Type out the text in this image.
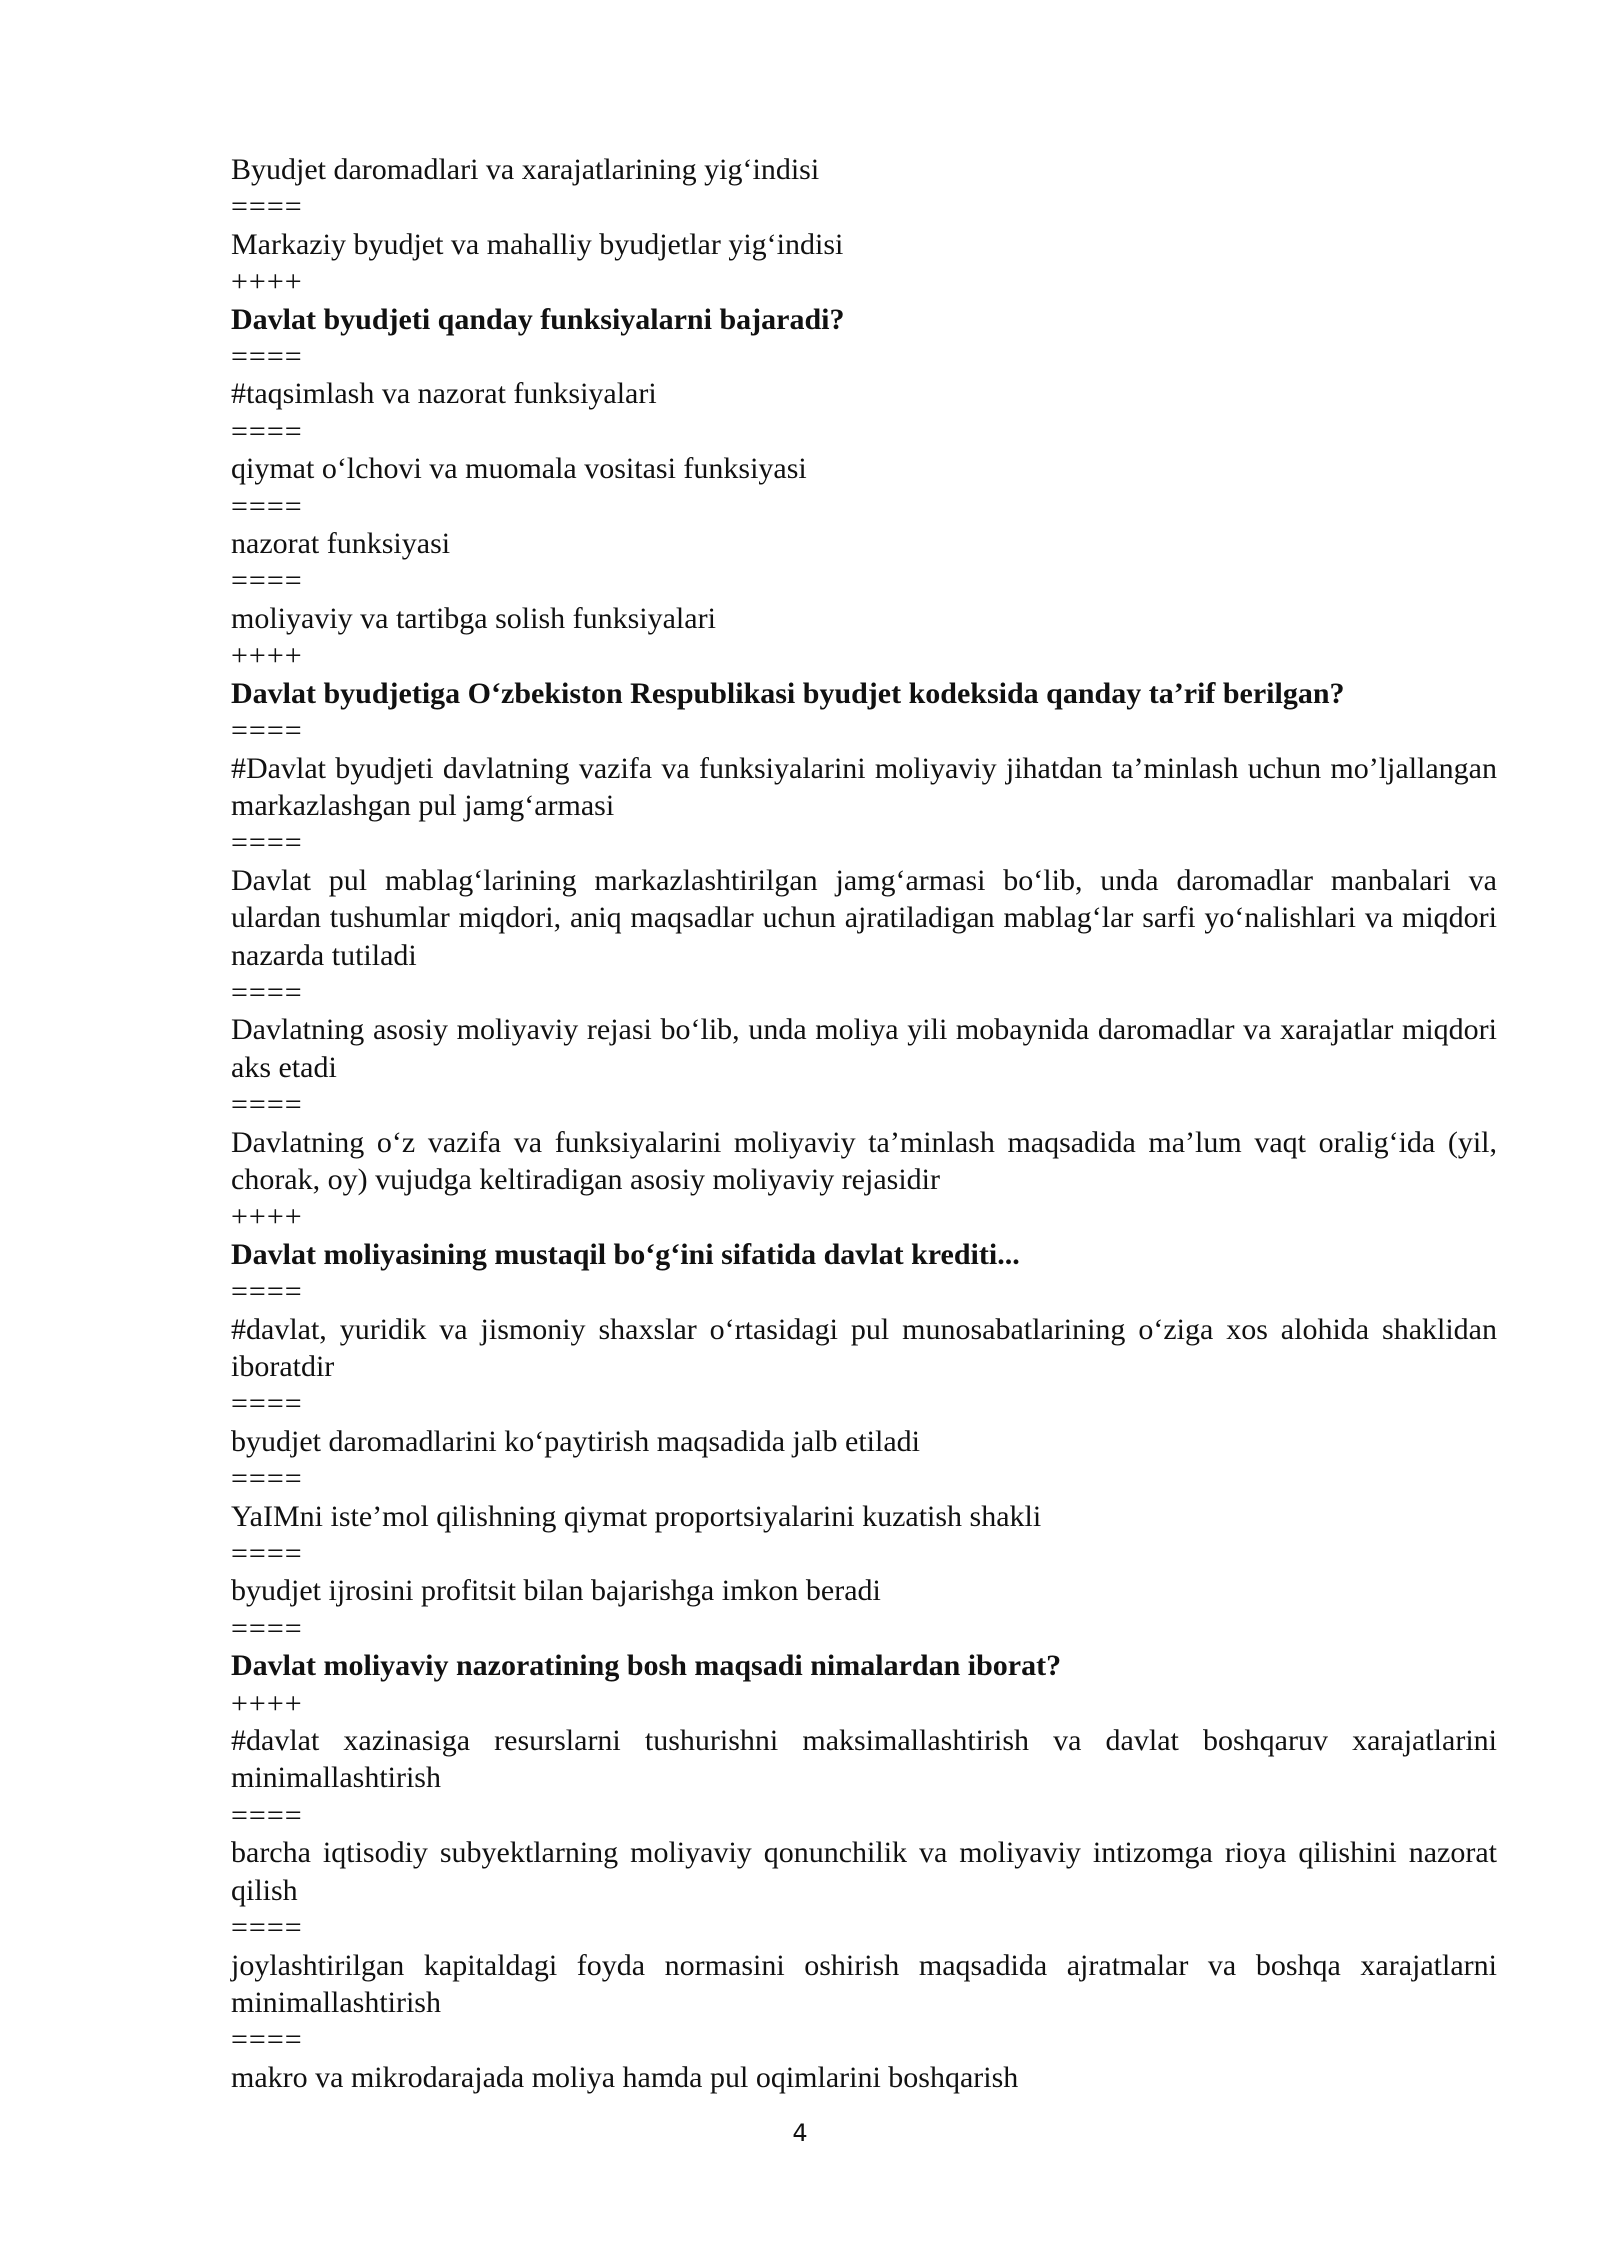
Byudjet daromadlari va xarajatlarining yig‘indisi
====
Markaziy byudjet va mahalliy byudjetlar yig‘indisi
++++
Davlat byudjeti qanday funksiyalarni bajaradi?
====
#taqsimlash va nazorat funksiyalari
====
qiymat o‘lchovi va muomala vositasi funksiyasi
====
nazorat funksiyasi
====
moliyaviy va tartibga solish funksiyalari
++++
Davlat byudjetiga O‘zbekiston Respublikasi byudjet kodeksida qanday ta’rif berilgan?
====
#Davlat byudjeti davlatning vazifa va funksiyalarini moliyaviy jihatdan ta’minlash uchun mo’ljallangan markazlashgan pul jamg‘armasi
====
Davlat pul mablag‘larining markazlashtirilgan jamg‘armasi bo‘lib, unda daromadlar manbalari va ulardan tushumlar miqdori, aniq maqsadlar uchun ajratiladigan mablag‘lar sarfi yo‘nalishlari va miqdori nazarda tutiladi
====
Davlatning asosiy moliyaviy rejasi bo‘lib, unda moliya yili mobaynida daromadlar va xarajatlar miqdori aks etadi
====
Davlatning o‘z vazifa va funksiyalarini moliyaviy ta’minlash maqsadida ma’lum vaqt oralig‘ida (yil, chorak, oy) vujudga keltiradigan asosiy moliyaviy rejasidir
++++
Davlat moliyasining mustaqil bo‘g‘ini sifatida davlat krediti...
====
#davlat, yuridik va jismoniy shaxslar o‘rtasidagi pul munosabatlarining o‘ziga xos alohida shaklidan iboratdir
====
byudjet daromadlarini ko‘paytirish maqsadida jalb etiladi
====
YaIMni iste’mol qilishning qiymat proportsiyalarini kuzatish shakli
====
byudjet ijrosini profitsit bilan bajarishga imkon beradi
====
Davlat moliyaviy nazoratining bosh maqsadi nimalardan iborat?
++++
#davlat xazinasiga resurslarni tushurishni maksimallashtirish va davlat boshqaruv xarajatlarini minimallashtirish
====
barcha iqtisodiy subyektlarning moliyaviy qonunchilik va moliyaviy intizomga rioya qilishini nazorat qilish
====
joylashtirilgan kapitaldagi foyda normasini oshirish maqsadida ajratmalar va boshqa xarajatlarni minimallashtirish
====
makro va mikrodarajada moliya hamda pul oqimlarini boshqarish
4
